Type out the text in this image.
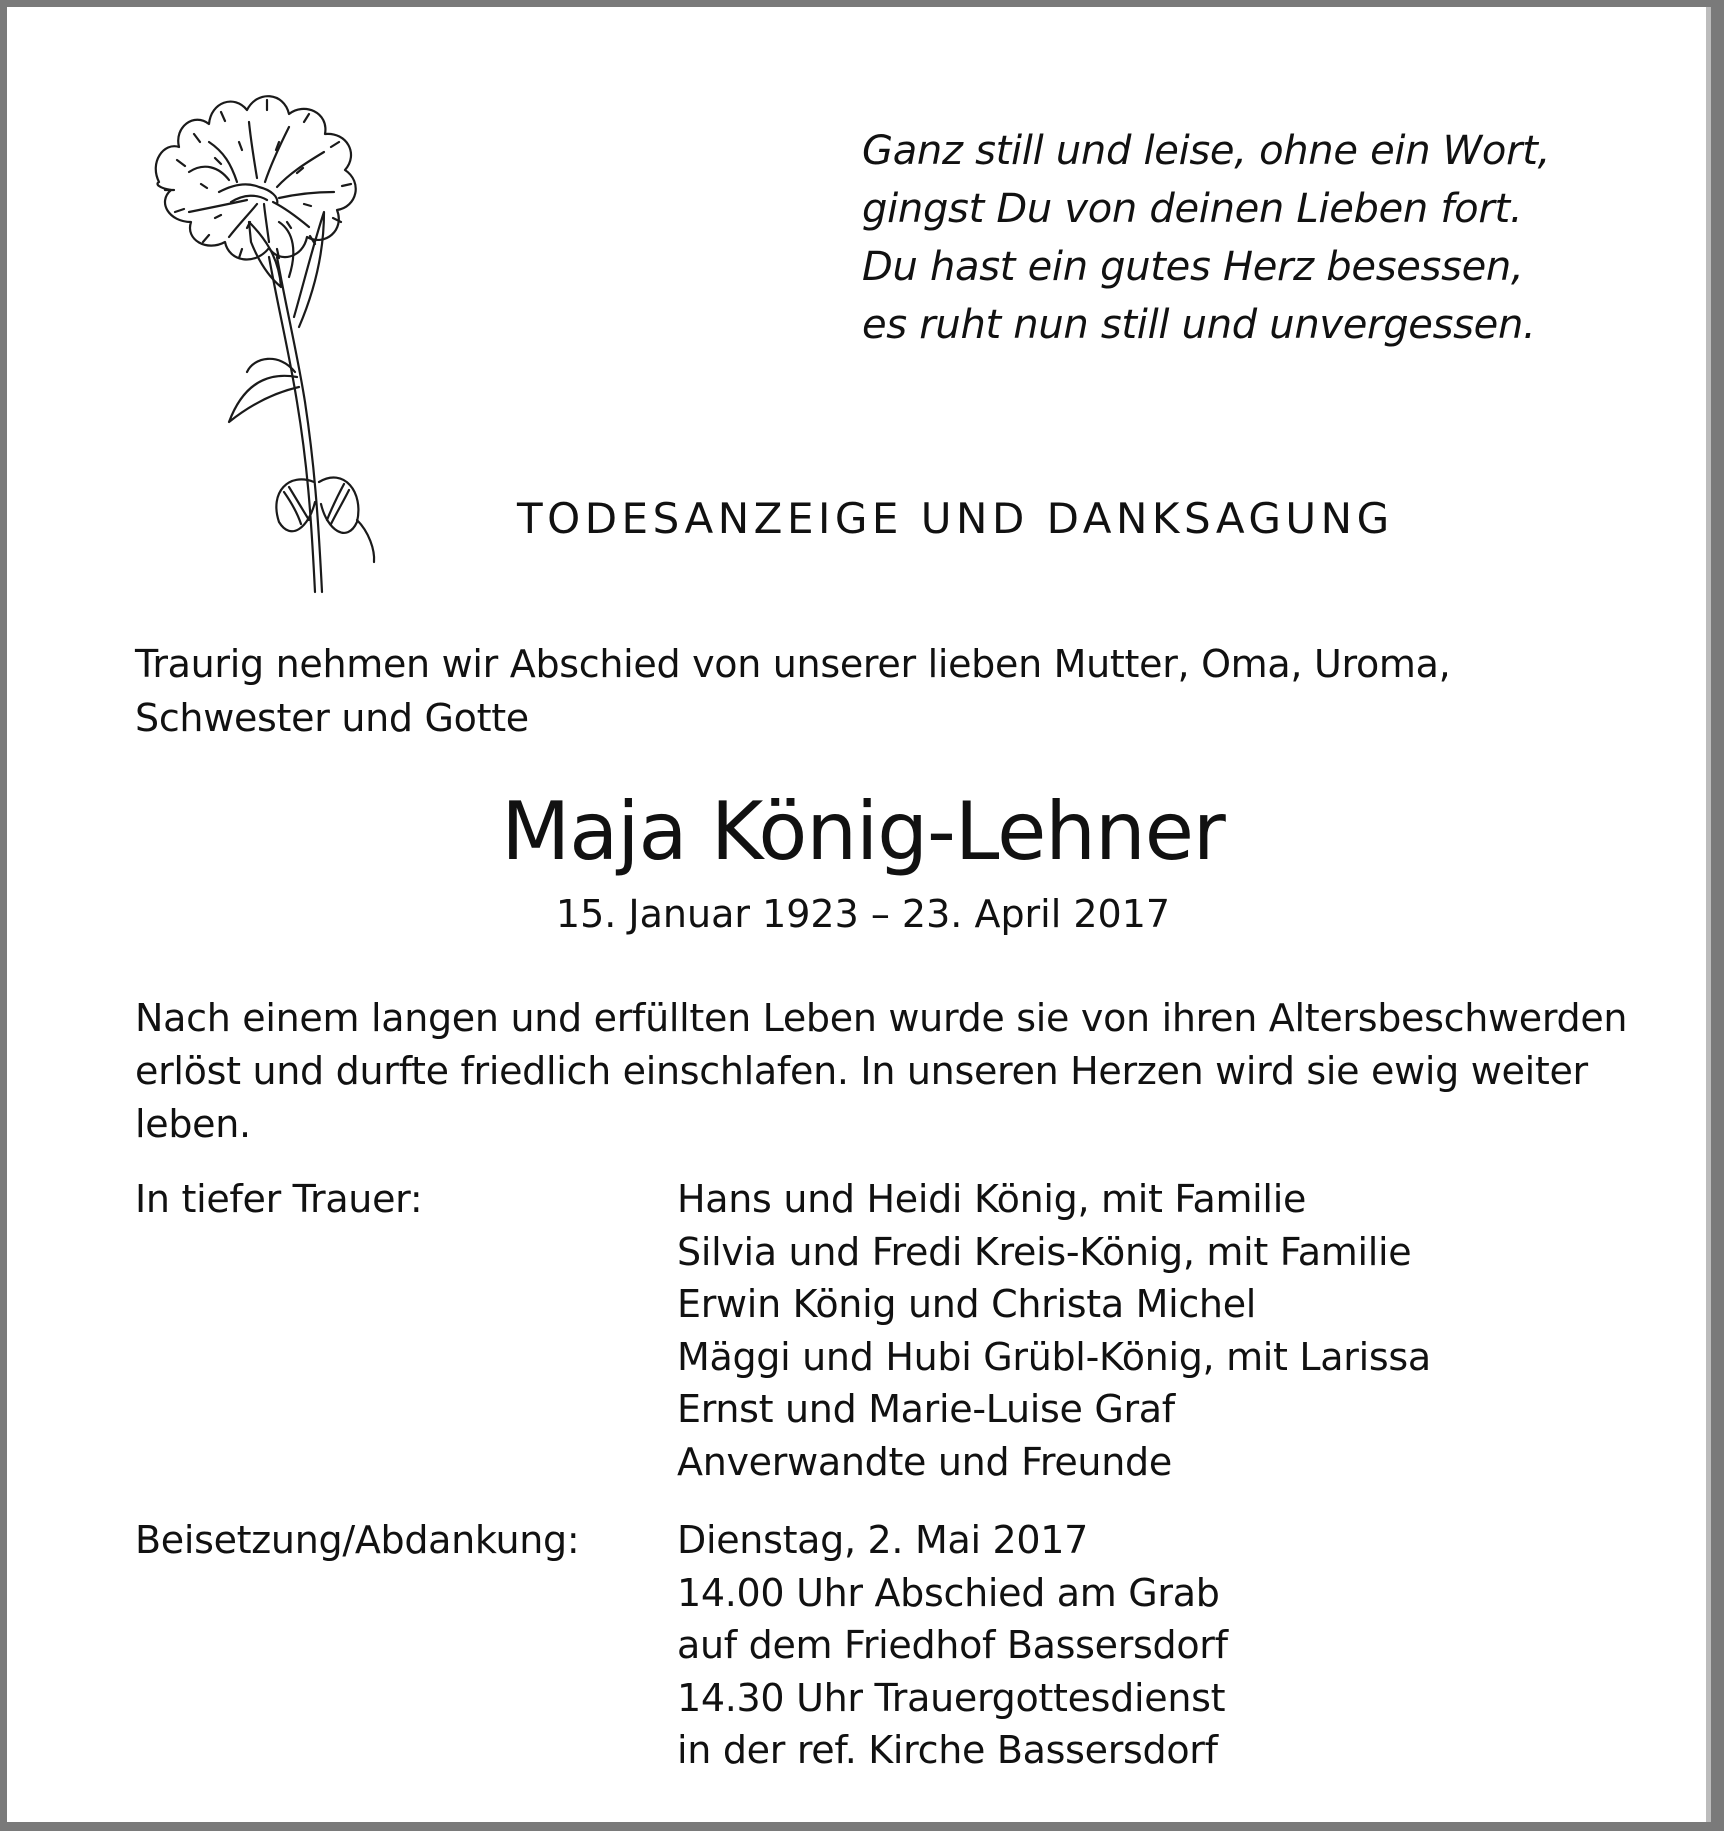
Ganz still und leise, ohne ein Wort,
gingst Du von deinen Lieben fort.
Du hast ein gutes Herz besessen,
es ruht nun still und unvergessen.
TODESANZEIGE UND DANKSAGUNG
Traurig nehmen wir Abschied von unserer lieben Mutter, Oma, Uroma,
Schwester und Gotte
Maja König-Lehner
15. Januar 1923 – 23. April 2017
Nach einem langen und erfüllten Leben wurde sie von ihren Altersbeschwerden
erlöst und durfte friedlich einschlafen. In unseren Herzen wird sie ewig weiter
leben.
In tiefer Trauer:	Hans und Heidi König, mit Familie
Silvia und Fredi Kreis-König, mit Familie
Erwin König und Christa Michel
Mäggi und Hubi Grübl-König, mit Larissa
Ernst und Marie-Luise Graf
Anverwandte und Freunde
Beisetzung/Abdankung:	Dienstag, 2. Mai 2017
14.00 Uhr Abschied am Grab
auf dem Friedhof Bassersdorf
14.30 Uhr Trauergottesdienst
in der ref. Kirche Bassersdorf
